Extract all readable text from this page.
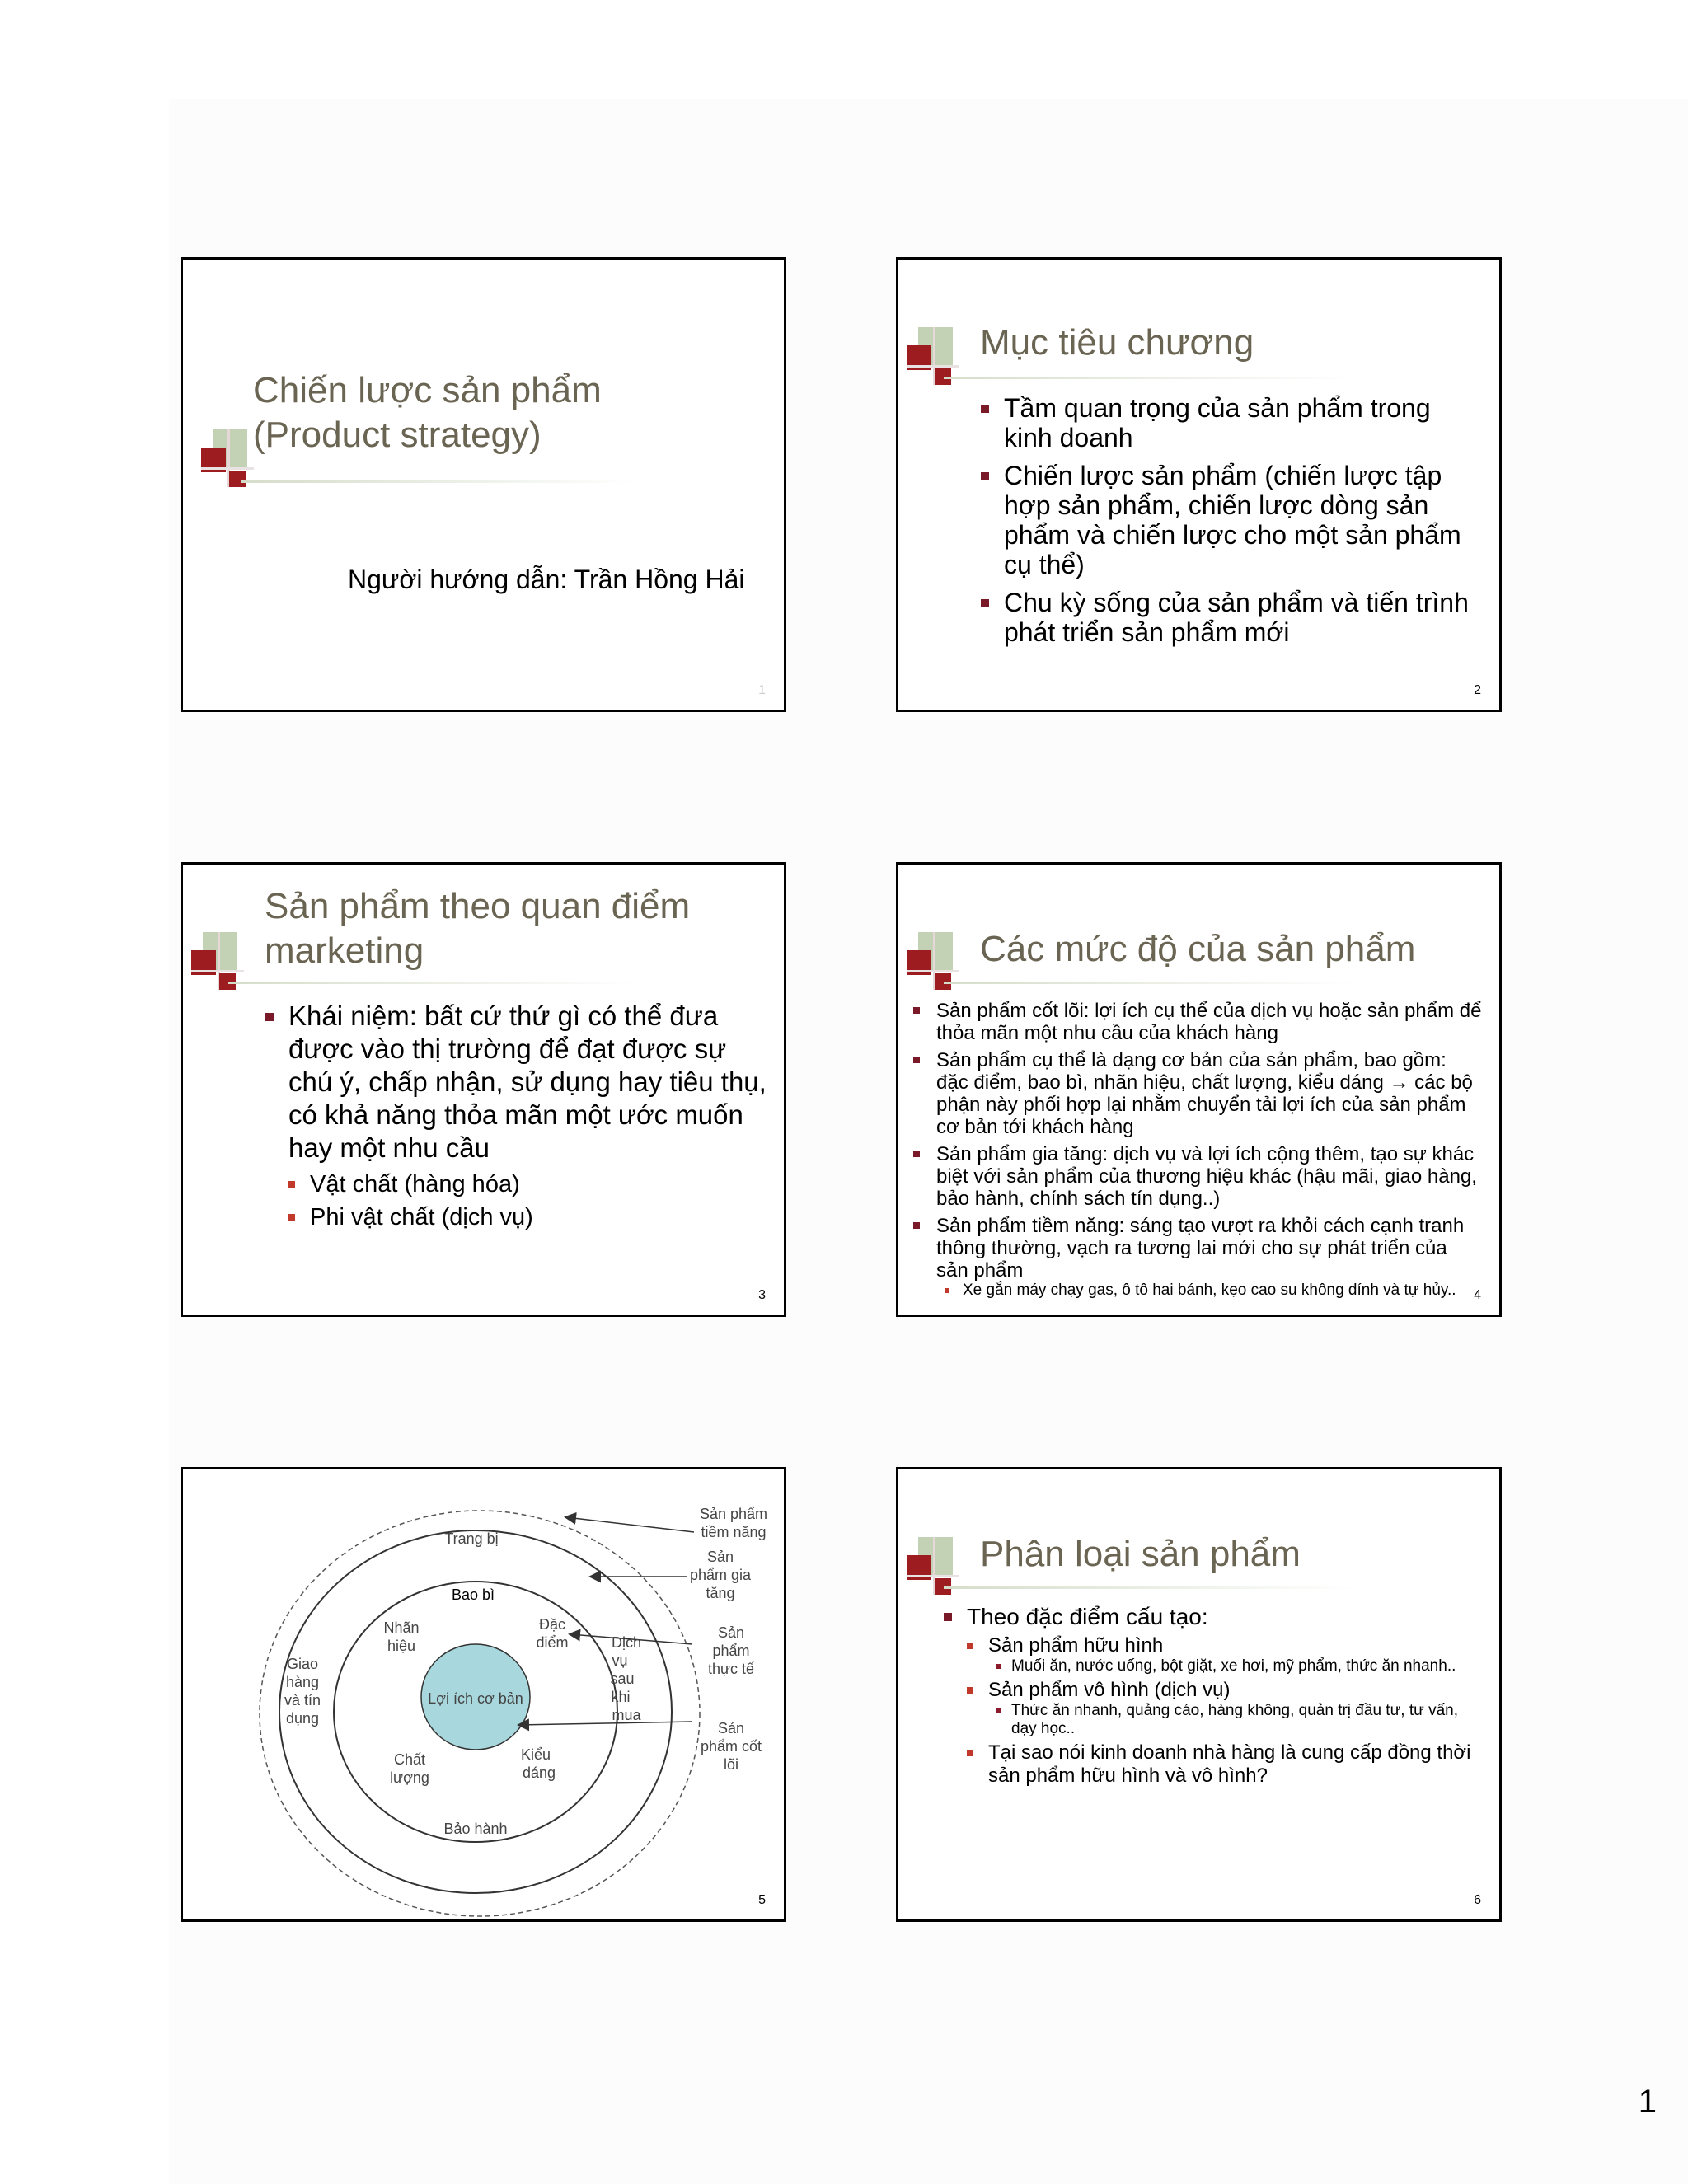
Chiến lược sản phẩm
(Product strategy)
Người hướng dẫn: Trần Hồng Hải
1
Mục tiêu chương
Tầm quan trọng của sản phẩm trong kinh doanh
Chiến lược sản phẩm (chiến lược tập hợp sản phẩm, chiến lược dòng sản phẩm và chiến lược cho một sản phẩm cụ thể)
Chu kỳ sống của sản phẩm và tiến trình phát triển sản phẩm mới
2
Sản phẩm theo quan điểm
marketing
Khái niệm: bất cứ thứ gì có thể đưa được vào thị trường để đạt được sự chú ý, chấp nhận, sử dụng hay tiêu thụ, có khả năng thỏa mãn một ước muốn hay một nhu cầu
Vật chất (hàng hóa)
Phi vật chất (dịch vụ)
3
Các mức độ của sản phẩm
Sản phẩm cốt lõi: lợi ích cụ thể của dịch vụ hoặc sản phẩm để thỏa mãn một nhu cầu của khách hàng
Sản phẩm cụ thể là dạng cơ bản của sản phẩm, bao gồm: đặc điểm, bao bì, nhãn hiệu, chất lượng, kiểu dáng → các bộ phận này phối hợp lại nhằm chuyển tải lợi ích của sản phẩm cơ bản tới khách hàng
Sản phẩm gia tăng: dịch vụ và lợi ích cộng thêm, tạo sự khác biệt với sản phẩm của thương hiệu khác (hậu mãi, giao hàng, bảo hành, chính sách tín dụng..)
Sản phẩm tiềm năng: sáng tạo vượt ra khỏi cách cạnh tranh thông thường, vạch ra tương lai mới cho sự phát triển của sản phẩm
Xe gắn máy chạy gas, ô tô hai bánh, kẹo cao su không dính và tự hủy..	4
Lợi ích cơ bản
Trang bị
Bao bì
Nhãn
hiệu
Đặc
điểm
Chất
lượng
Kiểu
dáng
Bảo hành
Giao
hàng
và tín
dụng
Dịch
vụ
sau
khi
mua
Sản phẩm
tiềm năng
Sản
phẩm gia
tăng
Sản
phẩm
thực tế
Sản
phẩm cốt
lõi
5
Phân loại sản phẩm
Theo đặc điểm cấu tạo:
Sản phẩm hữu hình
Muối ăn, nước uống, bột giặt, xe hơi, mỹ phẩm, thức ăn nhanh..
Sản phẩm vô hình (dịch vụ)
Thức ăn nhanh, quảng cáo, hàng không, quản trị đầu tư, tư vấn, dạy học..
Tại sao nói kinh doanh nhà hàng là cung cấp đồng thời sản phẩm hữu hình và vô hình?
6
1
